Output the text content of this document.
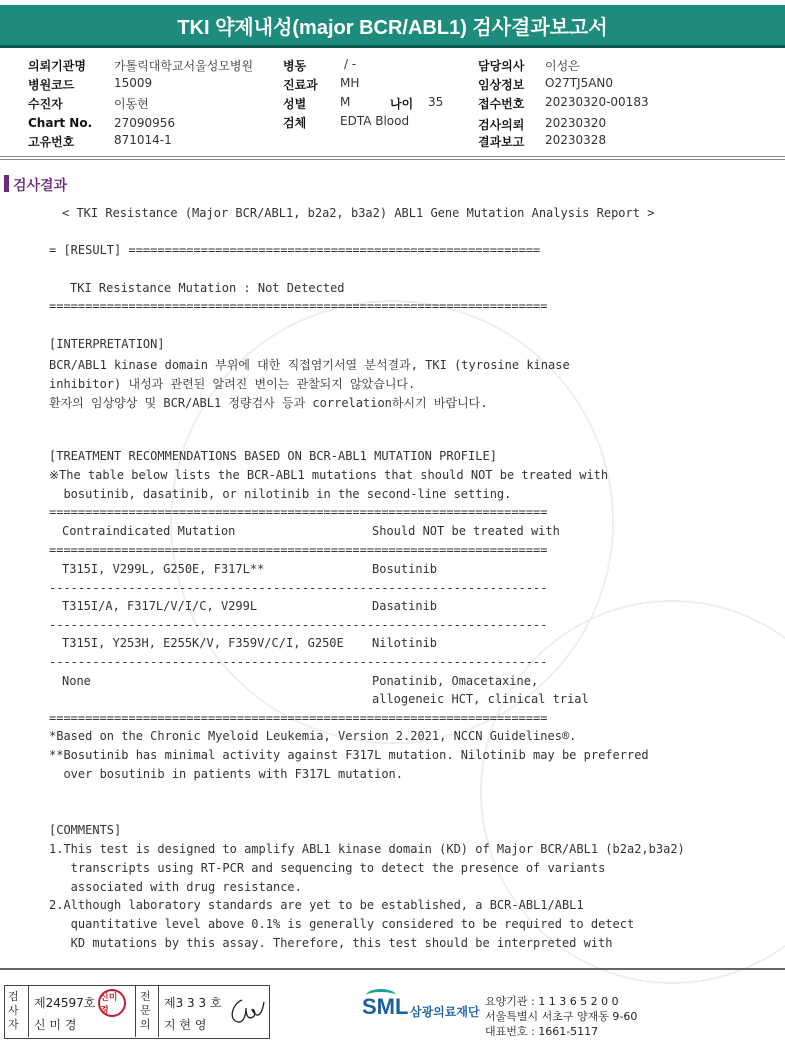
TKI 약제내성(major BCR/ABL1) 검사결과보고서
의뢰기관명 가톨릭대학교서울성모병원
병원코드	15009
수진자	이동현
Chart No. 27090956
고유번호	871014-1
병동	/ -
진료과 MH
성별	M	나이 35
검체	EDTA Blood
담당의사 이성은
임상정보 O27TJ5AN0
접수번호 20230320-00183
검사의뢰 20230320
결과보고 20230328
검사결과
< TKI Resistance (Major BCR/ABL1, b2a2, b3a2) ABL1 Gene Mutation Analysis Report >
= [RESULT] =========================================================
TKI Resistance Mutation : Not Detected
=====================================================================
[INTERPRETATION]
BCR/ABL1 kinase domain 부위에 대한 직접염기서열 분석결과, TKI (tyrosine kinase
inhibitor) 내성과 관련된 알려진 변이는 관찰되지 않았습니다.
환자의 임상양상 및 BCR/ABL1 정량검사 등과 correlation하시기 바랍니다.
[TREATMENT RECOMMENDATIONS BASED ON BCR-ABL1 MUTATION PROFILE]
※The table below lists the BCR-ABL1 mutations that should NOT be treated with
bosutinib, dasatinib, or nilotinib in the second-line setting.
=====================================================================
Contraindicated Mutation	Should NOT be treated with
=====================================================================
T315I, V299L, G250E, F317L**	Bosutinib
---------------------------------------------------------------------
T315I/A, F317L/V/I/C, V299L	Dasatinib
---------------------------------------------------------------------
T315I, Y253H, E255K/V, F359V/C/I, G250E Nilotinib
---------------------------------------------------------------------
None	Ponatinib, Omacetaxine,
allogeneic HCT, clinical trial
=====================================================================
*Based on the Chronic Myeloid Leukemia, Version 2.2021, NCCN Guidelines®.
**Bosutinib has minimal activity against F317L mutation. Nilotinib may be preferred
over bosutinib in patients with F317L mutation.
[COMMENTS]
1.This test is designed to amplify ABL1 kinase domain (KD) of Major BCR/ABL1 (b2a2,b3a2)
transcripts using RT-PCR and sequencing to detect the presence of variants
associated with drug resistance.
2.Although laboratory standards are yet to be established, a BCR-ABL1/ABL1
quantitative level above 0.1% is generally considered to be required to detect
KD mutations by this assay. Therefore, this test should be interpreted with
검사자
제24597호
신 미 경
신미경
전문의
제3 3 3 호
지 현 영
SML 삼광의료재단
요양기관 : 1 1 3 6 5 2 0 0
서울특별시 서초구 양재동 9-60
대표번호 : 1661-5117
